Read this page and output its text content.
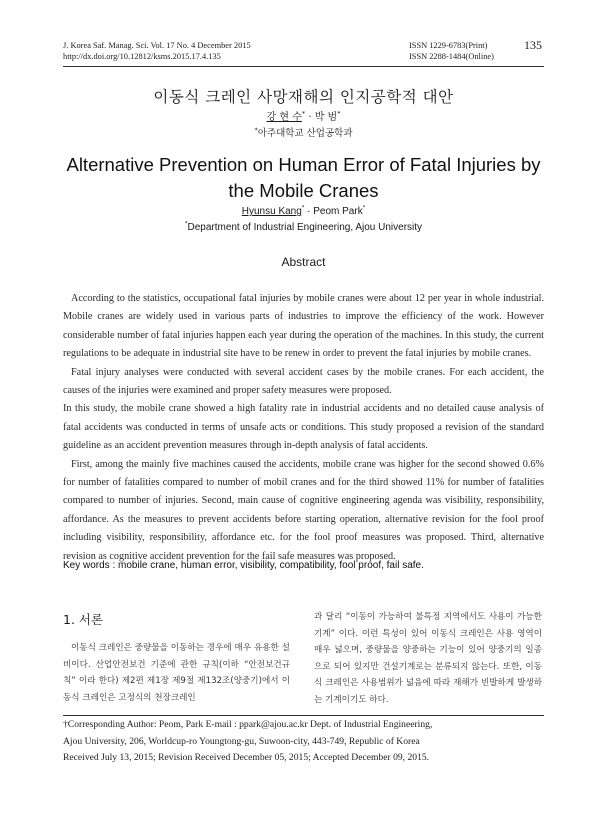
J. Korea Saf. Manag. Sci. Vol. 17 No. 4 December 2015
http://dx.doi.org/10.12812/ksms.2015.17.4.135
ISSN 1229-6783(Print)
ISSN 2288-1484(Online)
135
이동식 크레인 사망재해의 인지공학적 대안
강 현 수* · 박 범*
*아주대학교 산업공학과
Alternative Prevention on Human Error of Fatal Injuries by the Mobile Cranes
Hyunsu Kang* · Peom Park*
*Department of Industrial Engineering, Ajou University
Abstract

According to the statistics, occupational fatal injuries by mobile cranes were about 12 per year in whole industrial. Mobile cranes are widely used in various parts of industries to improve the efficiency of the work. However considerable number of fatal injuries happen each year during the operation of the machines. In this study, the current regulations to be adequate in industrial site have to be renew in order to prevent the fatal injuries by mobile cranes.

Fatal injury analyses were conducted with several accident cases by the mobile cranes. For each accident, the causes of the injuries were examined and proper safety measures were proposed.

In this study, the mobile crane showed a high fatality rate in industrial accidents and no detailed cause analysis of fatal accidents was conducted in terms of unsafe acts or conditions. This study proposed a revision of the standard guideline as an accident prevention measures through in-depth analysis of fatal accidents.

First, among the mainly five machines caused the accidents, mobile crane was higher for the second showed 0.6% for number of fatalities compared to number of mobil cranes and for the third showed 11% for number of fatalities compared to number of injuries. Second, main cause of cognitive engineering agenda was visibility, responsibility, affordance. As the measures to prevent accidents before starting operation, alternative revision for the fool proof including visibility, responsibility, affordance etc. for the fool proof measures was proposed. Third, alternative revision as cognitive accident prevention for the fail safe measures was proposed.

Key words : mobile crane, human error, visibility, compatibility, fool proof, fail safe.
1. 서론
이동식 크레인은 중량물을 이동하는 경우에 매우 유용한 설비이다. 산업안전보건 기준에 관한 규칙(이하 “안전보건규칙” 이라 한다) 제2편 제1장 제9절 제132조(양중기)에서 이동식 크레인은 고정식의 천장크레인
과 달리 “이동이 가능하여 불특정 지역에서도 사용이 가능한 기계” 이다. 이런 특성이 있어 이동식 크레인은 사용 영역이 매우 넓으며, 중량물을 양중하는 기능이 있어 양중기의 일종으로 되어 있지만 건설기계로는 분류되지 않는다. 또한, 이동식 크레인은 사용범위가 넓음에 따라 재해가 빈발하게 발생하는 기계이기도 하다.
†Corresponding Author: Peom, Park E-mail : ppark@ajou.ac.kr Dept. of Industrial Engineering,
Ajou University, 206, Worldcup-ro Youngtong-gu, Suwoon-city, 443-749, Republic of Korea
Received July 13, 2015; Revision Received December 05, 2015; Accepted December 09, 2015.
